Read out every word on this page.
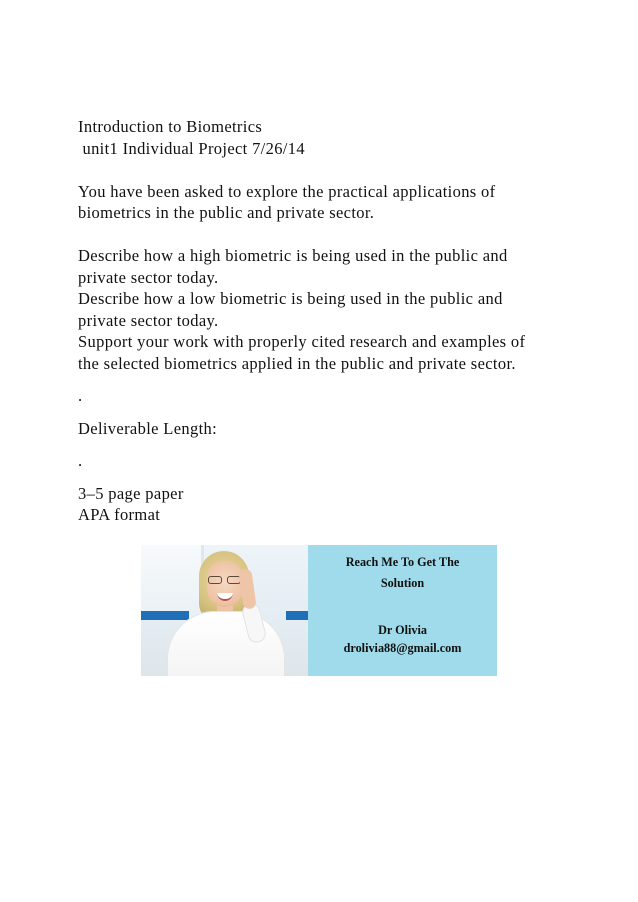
Introduction to Biometrics
unit1 Individual Project 7/26/14
You have been asked to explore the practical applications of
biometrics in the public and private sector.
Describe how a high biometric is being used in the public and
private sector today.
Describe how a low biometric is being used in the public and
private sector today.
Support your work with properly cited research and examples of
the selected biometrics applied in the public and private sector.
.
Deliverable Length:
.
3–5 page paper
APA format
Reach Me To Get The
Solution
Dr Olivia
drolivia88@gmail.com
